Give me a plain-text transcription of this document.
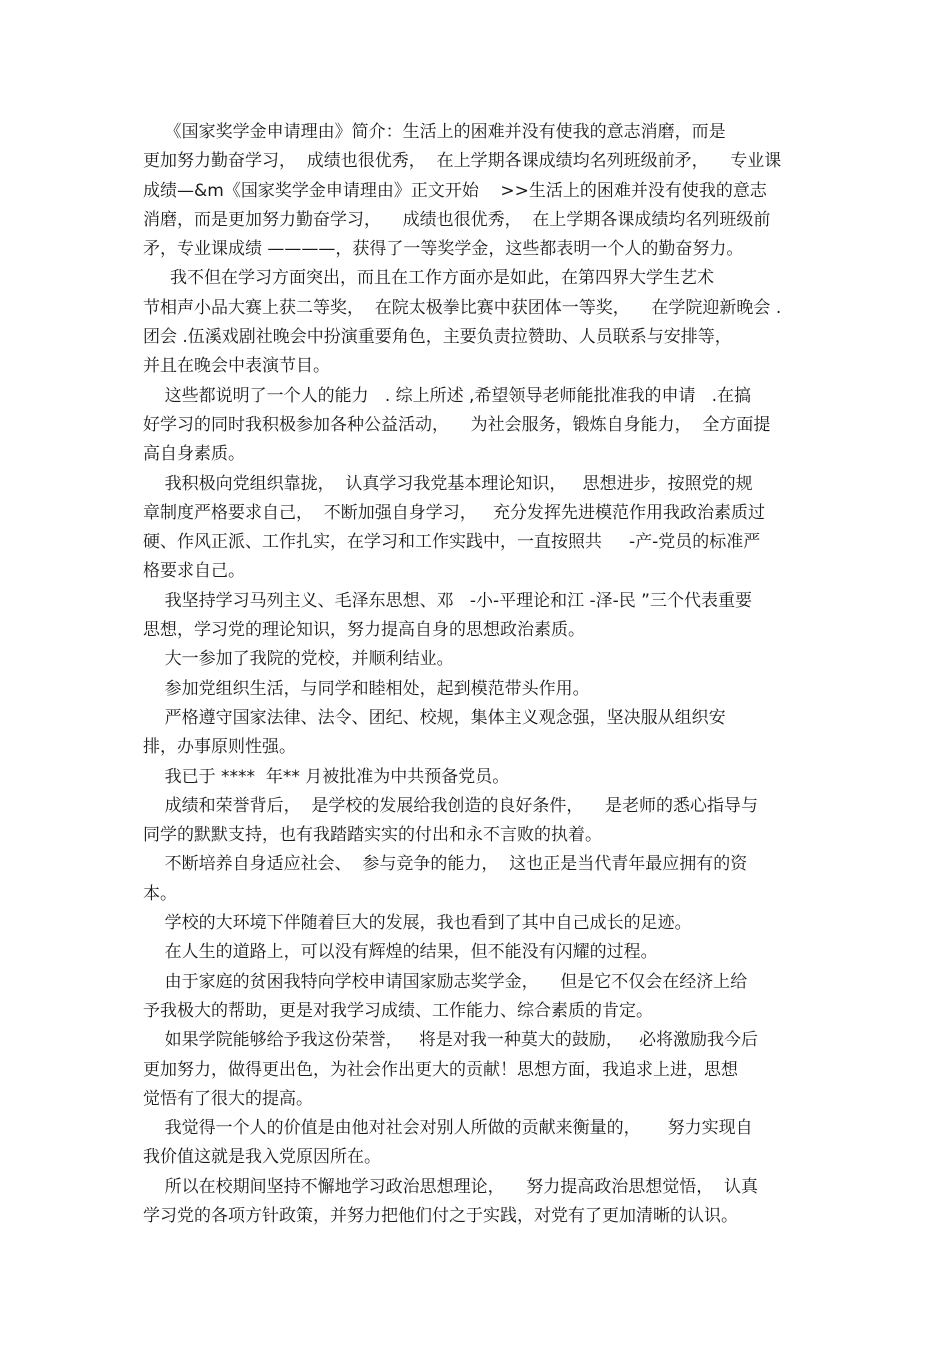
《国家奖学金申请理由》简介：生活上的困难并没有使我的意志消磨，而是
更加努力勤奋学习，  成绩也很优秀，  在上学期各课成绩均名列班级前矛，    专业课
成绩—&m《国家奖学金申请理由》正文开始    >>生活上的困难并没有使我的意志
消磨，而是更加努力勤奋学习，    成绩也很优秀，  在上学期各课成绩均名列班级前
矛，专业课成绩 ————，获得了一等奖学金，这些都表明一个人的勤奋努力。

我不但在学习方面突出，而且在工作方面亦是如此，在第四界大学生艺术
节相声小品大赛上获二等奖，  在院太极拳比赛中获团体一等奖，    在学院迎新晚会 .
团会 .伍溪戏剧社晚会中扮演重要角色，主要负责拉赞助、人员联系与安排等，
并且在晚会中表演节目。

这些都说明了一个人的能力   . 综上所述 ,希望领导老师能批准我的申请   .在搞
好学习的同时我积极参加各种公益活动，    为社会服务，锻炼自身能力，  全方面提
高自身素质。

我积极向党组织靠拢，  认真学习我党基本理论知识，   思想进步，按照党的规
章制度严格要求自己，  不断加强自身学习，   充分发挥先进模范作用我政治素质过
硬、作风正派、工作扎实，在学习和工作实践中，一直按照共     -产-党员的标准严
格要求自己。

我坚持学习马列主义、毛泽东思想、邓   -小-平理论和江 -泽-民 ”三个代表重要
思想，学习党的理论知识，努力提高自身的思想政治素质。

大一参加了我院的党校，并顺利结业。

参加党组织生活，与同学和睦相处，起到模范带头作用。

严格遵守国家法律、法令、团纪、校规，集体主义观念强，坚决服从组织安
排，办事原则性强。

我已于 ****  年** 月被批准为中共预备党员。

成绩和荣誉背后，  是学校的发展给我创造的良好条件，    是老师的悉心指导与
同学的默默支持，也有我踏踏实实的付出和永不言败的执着。

不断培养自身适应社会、  参与竞争的能力，  这也正是当代青年最应拥有的资
本。

学校的大环境下伴随着巨大的发展，我也看到了其中自己成长的足迹。

在人生的道路上，可以没有辉煌的结果，但不能没有闪耀的过程。

由于家庭的贫困我特向学校申请国家励志奖学金，    但是它不仅会在经济上给
予我极大的帮助，更是对我学习成绩、工作能力、综合素质的肯定。

如果学院能够给予我这份荣誉，   将是对我一种莫大的鼓励，   必将激励我今后
更加努力，做得更出色，为社会作出更大的贡献！思想方面，我追求上进，思想
觉悟有了很大的提高。

我觉得一个人的价值是由他对社会对别人所做的贡献来衡量的，     努力实现自
我价值这就是我入党原因所在。

所以在校期间坚持不懈地学习政治思想理论，    努力提高政治思想觉悟，  认真
学习党的各项方针政策，并努力把他们付之于实践，对党有了更加清晰的认识。
